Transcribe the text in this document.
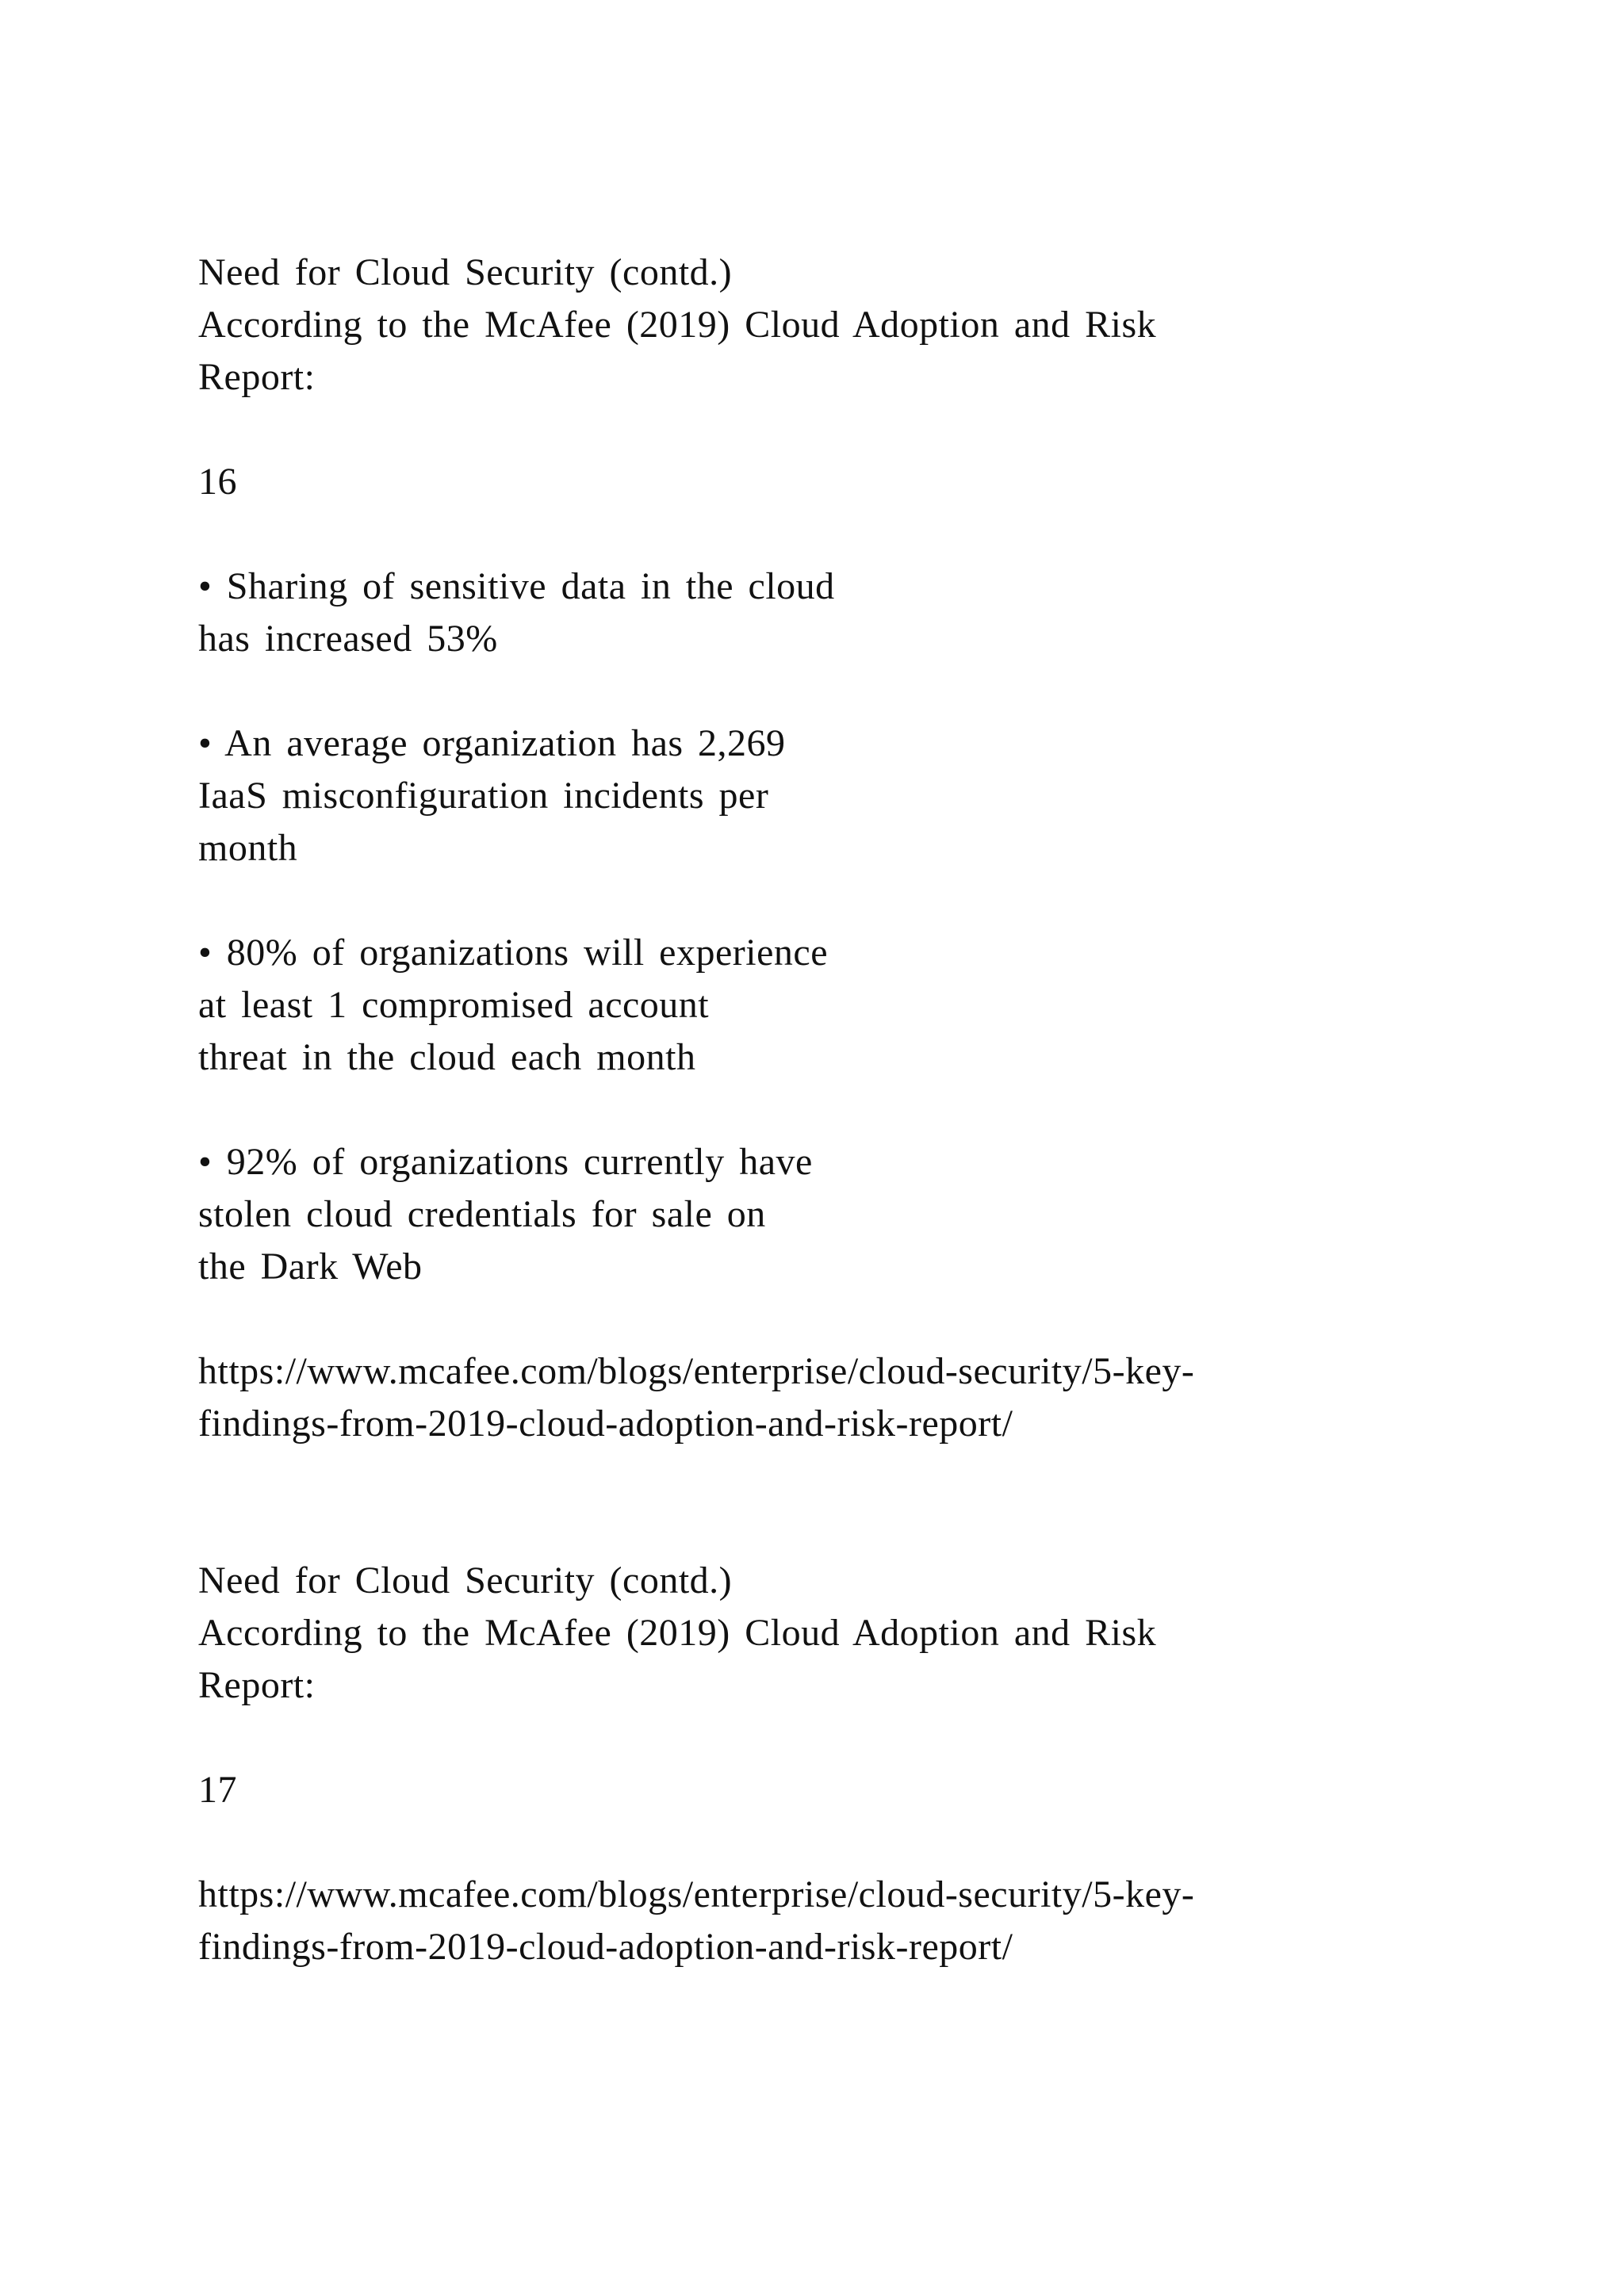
Need for Cloud Security (contd.)
According to the McAfee (2019) Cloud Adoption and Risk
Report:
16
• Sharing of sensitive data in the cloud
has increased 53%
• An average organization has 2,269
IaaS misconfiguration incidents per
month
• 80% of organizations will experience
at least 1 compromised account
threat in the cloud each month
• 92% of organizations currently have
stolen cloud credentials for sale on
the Dark Web
https://www.mcafee.com/blogs/enterprise/cloud-security/5-key-
findings-from-2019-cloud-adoption-and-risk-report/
Need for Cloud Security (contd.)
According to the McAfee (2019) Cloud Adoption and Risk
Report:
17
https://www.mcafee.com/blogs/enterprise/cloud-security/5-key-
findings-from-2019-cloud-adoption-and-risk-report/
